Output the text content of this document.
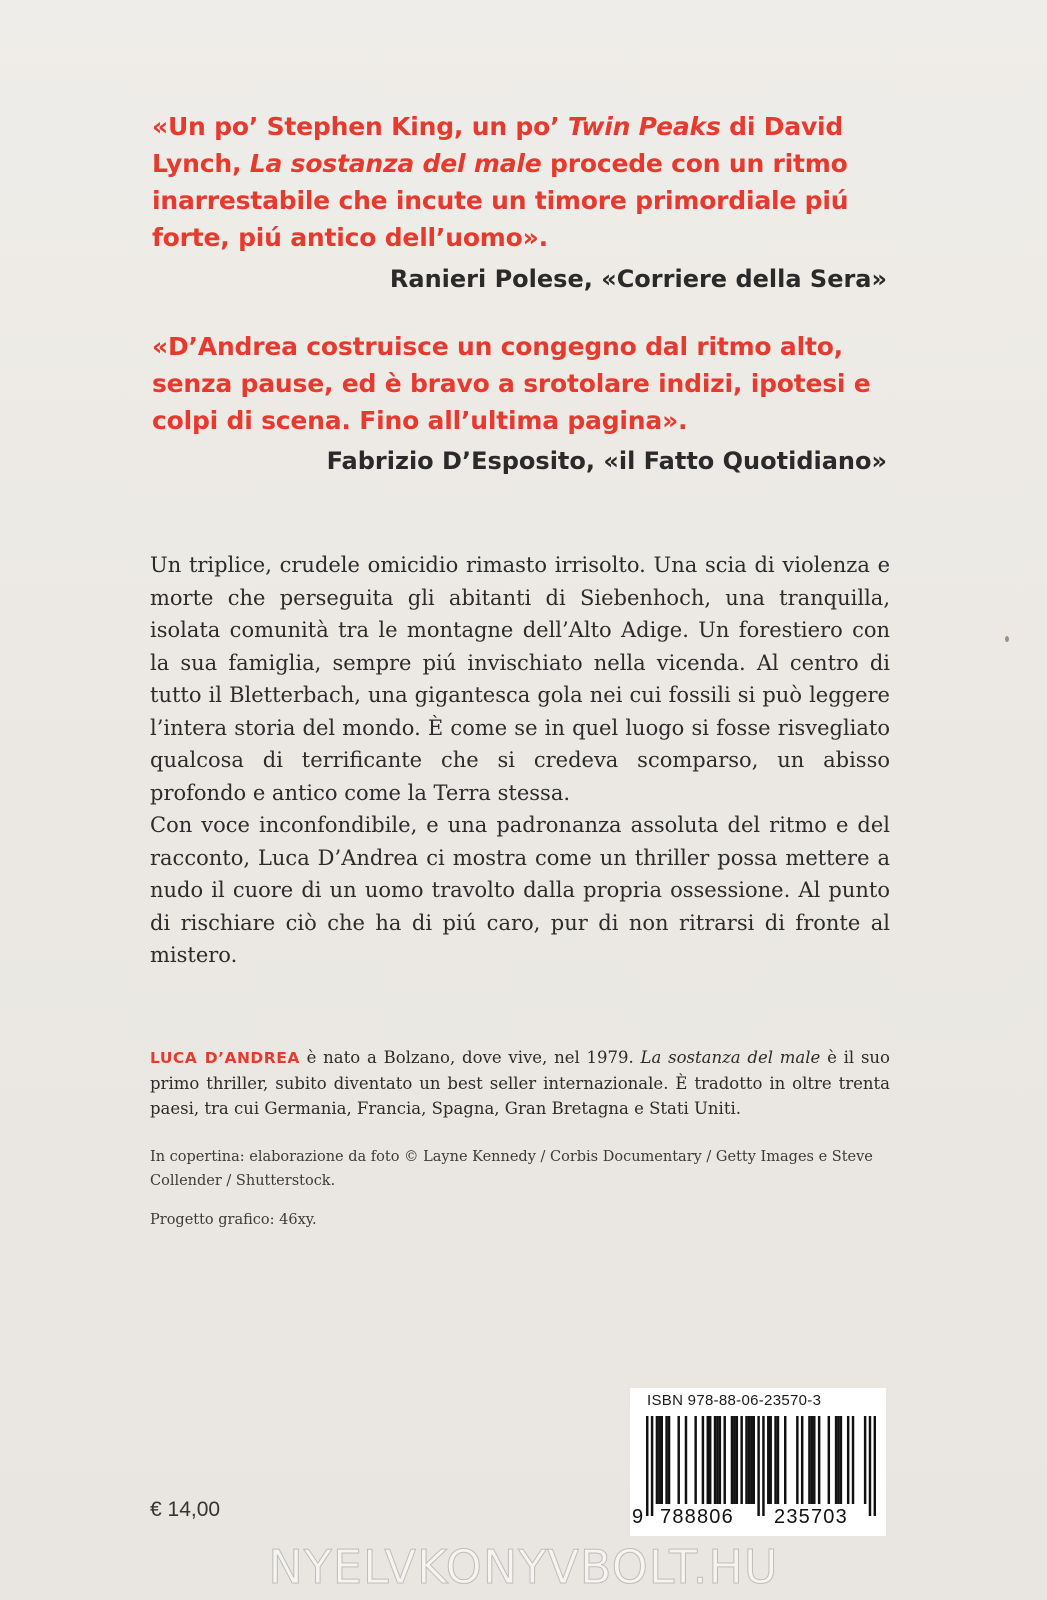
«Un po’ Stephen King, un po’ Twin Peaks di David Lynch, La sostanza del male procede con un ritmo inarrestabile che incute un timore primordiale piú forte, piú antico dell’uomo».
Ranieri Polese, «Corriere della Sera»
«D’Andrea costruisce un congegno dal ritmo alto, senza pause, ed è bravo a srotolare indizi, ipotesi e colpi di scena. Fino all’ultima pagina».
Fabrizio D’Esposito, «il Fatto Quotidiano»

Un triplice, crudele omicidio rimasto irrisolto. Una scia di violenza e morte che perseguita gli abitanti di Siebenhoch, una tranquilla, isolata comunità tra le montagne dell’Alto Adige. Un forestiero con la sua famiglia, sempre piú invischiato nella vicenda. Al centro di tutto il Bletterbach, una gigantesca gola nei cui fossili si può leggere l’intera storia del mondo. È come se in quel luogo si fosse risvegliato qualcosa di terrificante che si credeva scomparso, un abisso profondo e antico come la Terra stessa.

Con voce inconfondibile, e una padronanza assoluta del ritmo e del racconto, Luca D’Andrea ci mostra come un thriller possa mettere a nudo il cuore di un uomo travolto dalla propria ossessione. Al punto di rischiare ciò che ha di piú caro, pur di non ritrarsi di fronte al mistero.

LUCA D’ANDREA è nato a Bolzano, dove vive, nel 1979. La sostanza del male è il suo primo thriller, subito diventato un best seller internazionale. È tradotto in oltre trenta paesi, tra cui Germania, Francia, Spagna, Gran Bretagna e Stati Uniti.
In copertina: elaborazione da foto © Layne Kennedy / Corbis Documentary / Getty Images e Steve Collender / Shutterstock.
Progetto grafico: 46xy.
ISBN 978-88-06-23570-3
9 788806 235703
€ 14,00
NYELVKONYVBOLT.HU
